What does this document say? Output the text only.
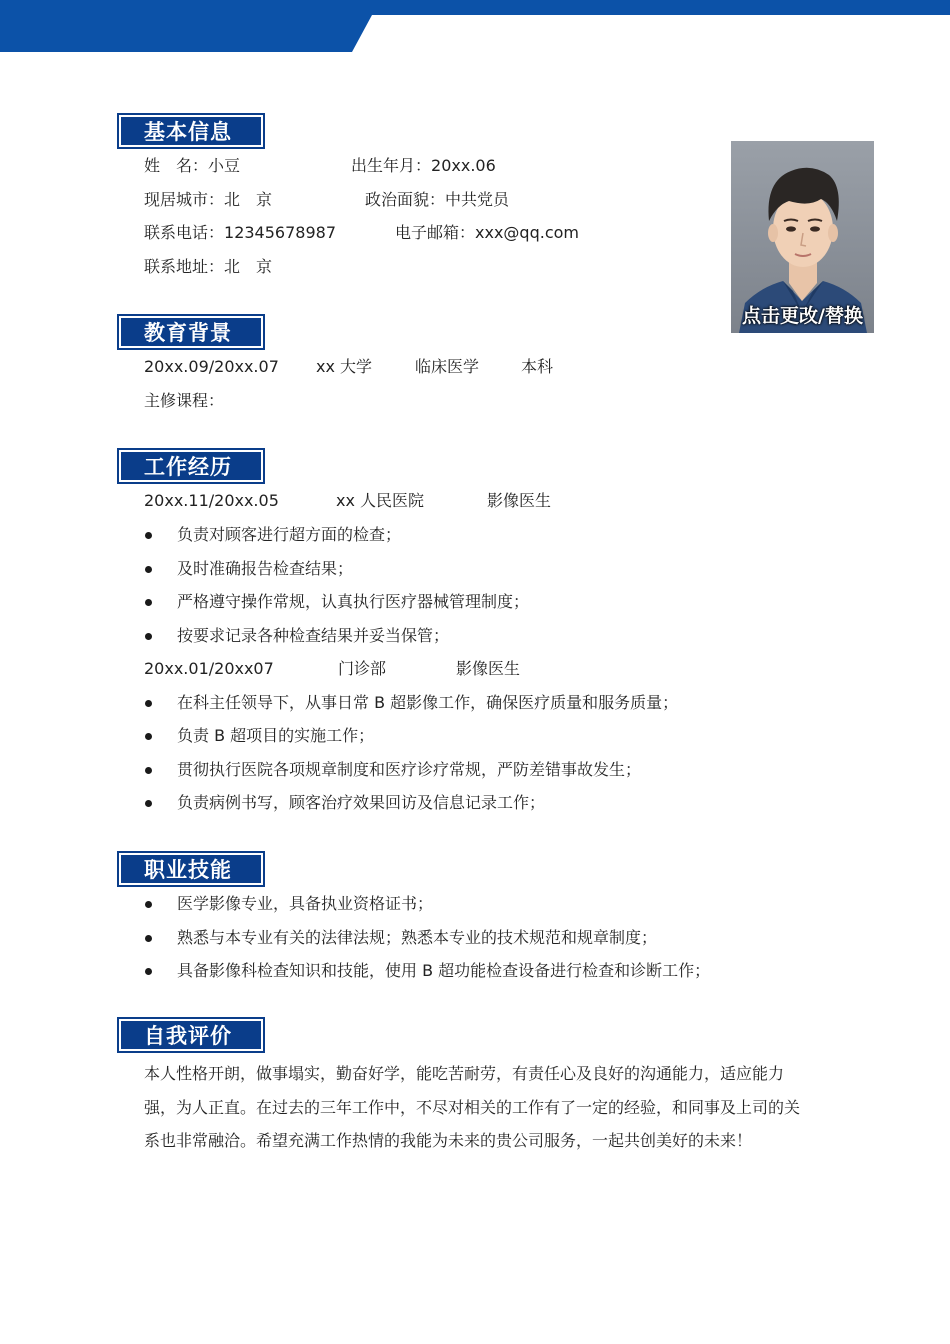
基本信息
姓　名：小豆	出生年月：20xx.06
现居城市：北　京	政治面貌：中共党员
联系电话：12345678987	电子邮箱：xxx@qq.com
联系地址：北　京
点击更改/替换
教育背景
20xx.09/20xx.07 xx 大学	临床医学	本科
主修课程：
工作经历
20xx.11/20xx.05	xx 人民医院	影像医生
负责对顾客进行超方面的检查；
及时准确报告检查结果；
严格遵守操作常规，认真执行医疗器械管理制度；
按要求记录各种检查结果并妥当保管；
20xx.01/20xx07	门诊部	影像医生
在科主任领导下，从事日常 B 超影像工作，确保医疗质量和服务质量；
负责 B 超项目的实施工作；
贯彻执行医院各项规章制度和医疗诊疗常规，严防差错事故发生；
负责病例书写，顾客治疗效果回访及信息记录工作；
职业技能
医学影像专业，具备执业资格证书；
熟悉与本专业有关的法律法规；熟悉本专业的技术规范和规章制度；
具备影像科检查知识和技能，使用 B 超功能检查设备进行检查和诊断工作；
自我评价
本人性格开朗，做事塌实，勤奋好学，能吃苦耐劳，有责任心及良好的沟通能力，适应能力强，为人正直。在过去的三年工作中，不尽对相关的工作有了一定的经验，和同事及上司的关系也非常融洽。希望充满工作热情的我能为未来的贵公司服务，一起共创美好的未来！
